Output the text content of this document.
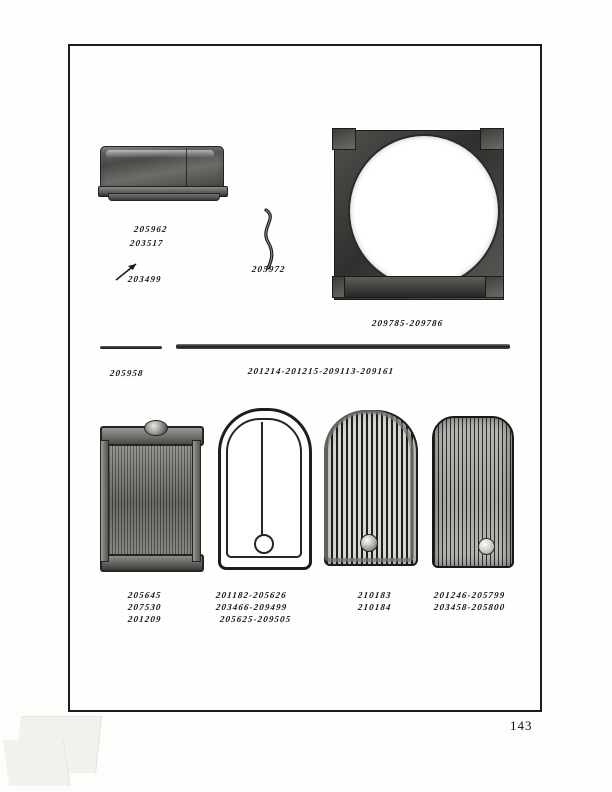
205962
203517
203499
205972
209785-209786
205958	201214-201215-209113-209161
205645
207530
201209
201182-205626
203466-209499
205625-209505
210183
210184
201246-205799
203458-205800
143
